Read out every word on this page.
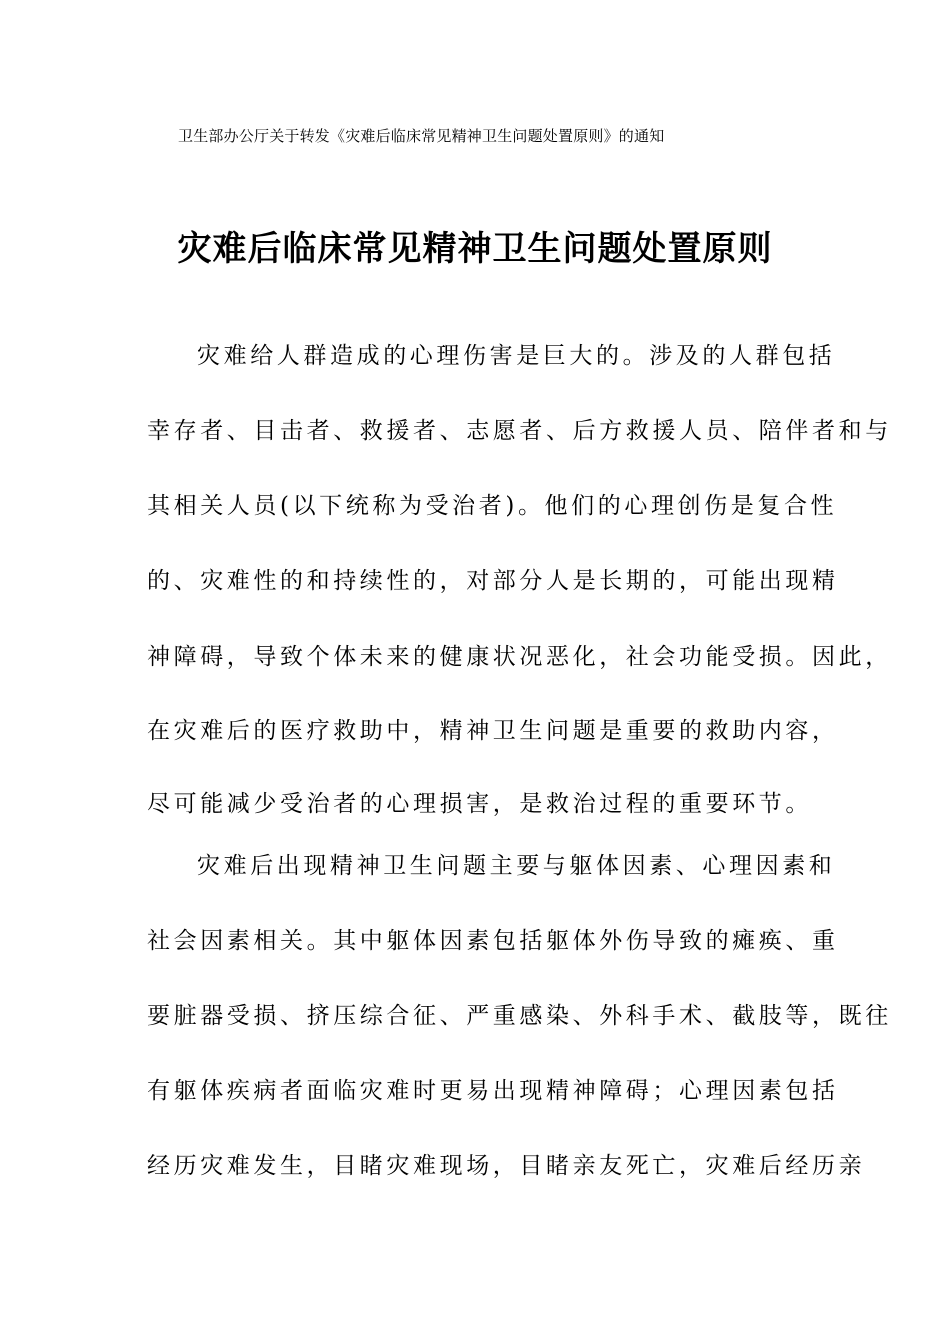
卫生部办公厅关于转发《灾难后临床常见精神卫生问题处置原则》的通知
灾难后临床常见精神卫生问题处置原则
灾难给人群造成的心理伤害是巨大的。涉及的人群包括
幸存者、目击者、救援者、志愿者、后方救援人员、陪伴者和与
其相关人员(以下统称为受治者)。他们的心理创伤是复合性
的、灾难性的和持续性的，对部分人是长期的，可能出现精
神障碍，导致个体未来的健康状况恶化，社会功能受损。因此，
在灾难后的医疗救助中，精神卫生问题是重要的救助内容，
尽可能减少受治者的心理损害，是救治过程的重要环节。
灾难后出现精神卫生问题主要与躯体因素、心理因素和
社会因素相关。其中躯体因素包括躯体外伤导致的瘫痪、重
要脏器受损、挤压综合征、严重感染、外科手术、截肢等，既往
有躯体疾病者面临灾难时更易出现精神障碍；心理因素包括
经历灾难发生，目睹灾难现场，目睹亲友死亡，灾难后经历亲
